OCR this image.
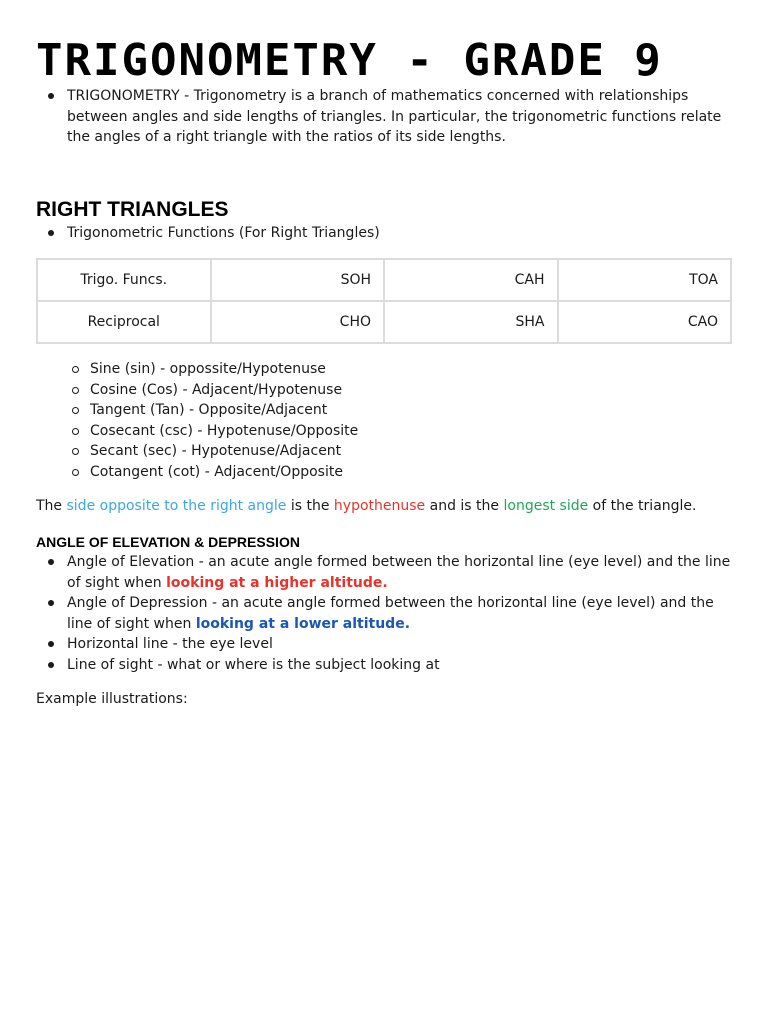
TRIGONOMETRY - GRADE 9
TRIGONOMETRY - Trigonometry is a branch of mathematics concerned with relationships between angles and side lengths of triangles. In particular, the trigonometric functions relate the angles of a right triangle with the ratios of its side lengths.
RIGHT TRIANGLES
Trigonometric Functions (For Right Triangles)
Trigo. Funcs.	SOH	CAH	TOA
Reciprocal	CHO	SHA	CAO
Sine (sin) - oppossite/Hypotenuse
Cosine (Cos) - Adjacent/Hypotenuse
Tangent (Tan) - Opposite/Adjacent
Cosecant (csc) - Hypotenuse/Opposite
Secant (sec) - Hypotenuse/Adjacent
Cotangent (cot) - Adjacent/Opposite

The side opposite to the right angle is the hypothenuse and is the longest side of the triangle.

ANGLE OF ELEVATION & DEPRESSION
Angle of Elevation - an acute angle formed between the horizontal line (eye level) and the line of sight when looking at a higher altitude.
Angle of Depression - an acute angle formed between the horizontal line (eye level) and the line of sight when looking at a lower altitude.
Horizontal line - the eye level
Line of sight - what or where is the subject looking at

Example illustrations:
